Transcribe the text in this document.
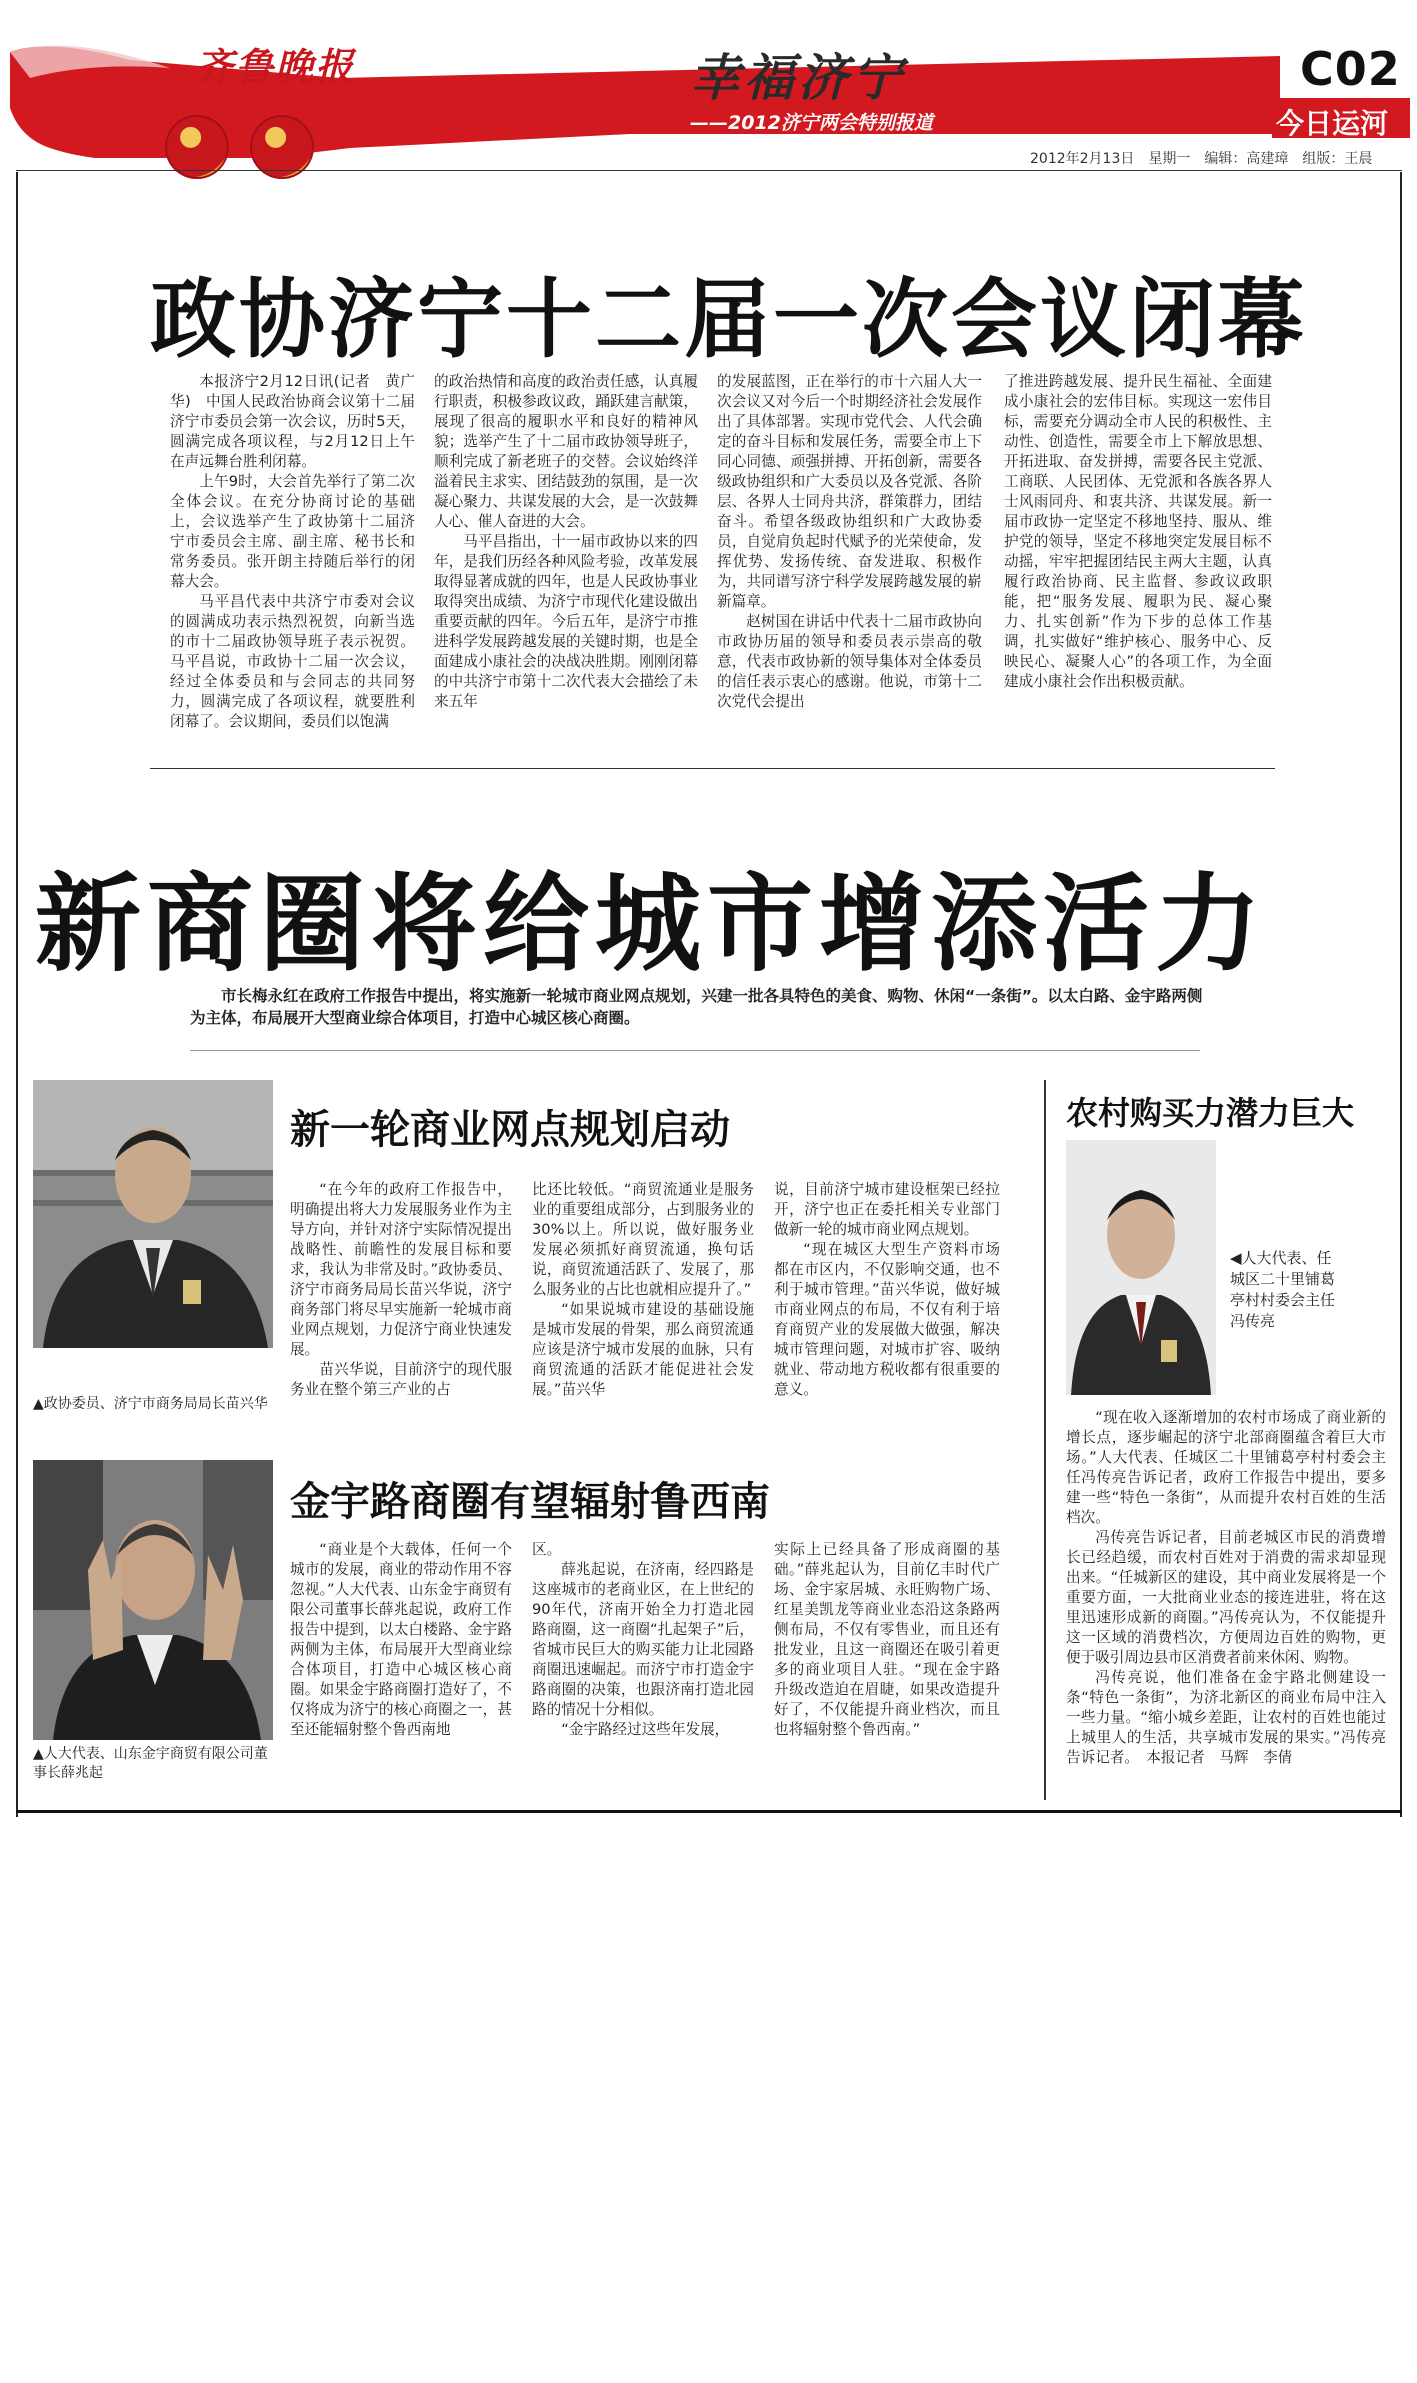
齐鲁晚报	幸福济宁
——2012济宁两会特别报道
C02
今日运河
2012年2月13日　星期一　编辑：高建璋　组版：王晨
政协济宁十二届一次会议闭幕

本报济宁2月12日讯(记者　黄广华)　中国人民政治协商会议第十二届济宁市委员会第一次会议，历时5天，圆满完成各项议程，与2月12日上午在声远舞台胜利闭幕。

上午9时，大会首先举行了第二次全体会议。在充分协商讨论的基础上，会议选举产生了政协第十二届济宁市委员会主席、副主席、秘书长和常务委员。张开朗主持随后举行的闭幕大会。

马平昌代表中共济宁市委对会议的圆满成功表示热烈祝贺，向新当选的市十二届政协领导班子表示祝贺。马平昌说，市政协十二届一次会议，经过全体委员和与会同志的共同努力，圆满完成了各项议程，就要胜利闭幕了。会议期间，委员们以饱满

的政治热情和高度的政治责任感，认真履行职责，积极参政议政，踊跃建言献策，展现了很高的履职水平和良好的精神风貌；选举产生了十二届市政协领导班子，顺利完成了新老班子的交替。会议始终洋溢着民主求实、团结鼓劲的氛围，是一次凝心聚力、共谋发展的大会，是一次鼓舞人心、催人奋进的大会。

马平昌指出，十一届市政协以来的四年，是我们历经各种风险考验，改革发展取得显著成就的四年，也是人民政协事业取得突出成绩、为济宁市现代化建设做出重要贡献的四年。今后五年，是济宁市推进科学发展跨越发展的关键时期，也是全面建成小康社会的决战决胜期。刚刚闭幕的中共济宁市第十二次代表大会描绘了未来五年

的发展蓝图，正在举行的市十六届人大一次会议又对今后一个时期经济社会发展作出了具体部署。实现市党代会、人代会确定的奋斗目标和发展任务，需要全市上下同心同德、顽强拼搏、开拓创新，需要各级政协组织和广大委员以及各党派、各阶层、各界人士同舟共济，群策群力，团结奋斗。希望各级政协组织和广大政协委员，自觉肩负起时代赋予的光荣使命，发挥优势、发扬传统、奋发进取、积极作为，共同谱写济宁科学发展跨越发展的崭新篇章。

赵树国在讲话中代表十二届市政协向市政协历届的领导和委员表示崇高的敬意，代表市政协新的领导集体对全体委员的信任表示衷心的感谢。他说，市第十二次党代会提出

了推进跨越发展、提升民生福祉、全面建成小康社会的宏伟目标。实现这一宏伟目标，需要充分调动全市人民的积极性、主动性、创造性，需要全市上下解放思想、开拓进取、奋发拼搏，需要各民主党派、工商联、人民团体、无党派和各族各界人士风雨同舟、和衷共济、共谋发展。新一届市政协一定坚定不移地坚持、服从、维护党的领导，坚定不移地突定发展目标不动摇，牢牢把握团结民主两大主题，认真履行政治协商、民主监督、参政议政职能，把“服务发展、履职为民、凝心聚力、扎实创新”作为下步的总体工作基调，扎实做好“维护核心、服务中心、反映民心、凝聚人心”的各项工作，为全面建成小康社会作出积极贡献。

新商圈将给城市增添活力

市长梅永红在政府工作报告中提出，将实施新一轮城市商业网点规划，兴建一批各具特色的美食、购物、休闲“一条街”。以太白路、金宇路两侧为主体，布局展开大型商业综合体项目，打造中心城区核心商圈。

新一轮商业网点规划启动
▲政协委员、济宁市商务局局长苗兴华

“在今年的政府工作报告中，明确提出将大力发展服务业作为主导方向，并针对济宁实际情况提出战略性、前瞻性的发展目标和要求，我认为非常及时。”政协委员、济宁市商务局局长苗兴华说，济宁商务部门将尽早实施新一轮城市商业网点规划，力促济宁商业快速发展。

苗兴华说，目前济宁的现代服务业在整个第三产业的占

比还比较低。“商贸流通业是服务业的重要组成部分，占到服务业的30%以上。所以说，做好服务业发展必须抓好商贸流通，换句话说，商贸流通活跃了、发展了，那么服务业的占比也就相应提升了。”

“如果说城市建设的基础设施是城市发展的骨架，那么商贸流通应该是济宁城市发展的血脉，只有商贸流通的活跃才能促进社会发展。”苗兴华

说，目前济宁城市建设框架已经拉开，济宁也正在委托相关专业部门做新一轮的城市商业网点规划。

“现在城区大型生产资料市场都在市区内，不仅影响交通，也不利于城市管理。”苗兴华说，做好城市商业网点的布局，不仅有利于培育商贸产业的发展做大做强，解决城市管理问题，对城市扩容、吸纳就业、带动地方税收都有很重要的意义。

金宇路商圈有望辐射鲁西南
▲人大代表、山东金宇商贸有限公司董事长薛兆起

“商业是个大载体，任何一个城市的发展，商业的带动作用不容忽视。”人大代表、山东金宇商贸有限公司董事长薛兆起说，政府工作报告中提到，以太白楼路、金宇路两侧为主体，布局展开大型商业综合体项目，打造中心城区核心商圈。如果金宇路商圈打造好了，不仅将成为济宁的核心商圈之一，甚至还能辐射整个鲁西南地

区。

薛兆起说，在济南，经四路是这座城市的老商业区，在上世纪的90年代，济南开始全力打造北园路商圈，这一商圈“扎起架子”后，省城市民巨大的购买能力让北园路商圈迅速崛起。而济宁市打造金宇路商圈的决策，也跟济南打造北园路的情况十分相似。

“金宇路经过这些年发展，

实际上已经具备了形成商圈的基础。”薛兆起认为，目前亿丰时代广场、金宇家居城、永旺购物广场、红星美凯龙等商业业态沿这条路两侧布局，不仅有零售业，而且还有批发业，且这一商圈还在吸引着更多的商业项目人驻。“现在金宇路升级改造迫在眉睫，如果改造提升好了，不仅能提升商业档次，而且也将辐射整个鲁西南。”

农村购买力潜力巨大
◀人大代表、任城区二十里铺葛亭村村委会主任冯传亮

“现在收入逐渐增加的农村市场成了商业新的增长点，逐步崛起的济宁北部商圈蕴含着巨大市场。”人大代表、任城区二十里铺葛亭村村委会主任冯传亮告诉记者，政府工作报告中提出，要多建一些“特色一条街”，从而提升农村百姓的生活档次。

冯传亮告诉记者，目前老城区市民的消费增长已经趋缓，而农村百姓对于消费的需求却显现出来。“任城新区的建设，其中商业发展将是一个重要方面，一大批商业业态的接连进驻，将在这里迅速形成新的商圈。”冯传亮认为，不仅能提升这一区域的消费档次，方便周边百姓的购物，更便于吸引周边县市区消费者前来休闲、购物。

冯传亮说，他们准备在金宇路北侧建设一条“特色一条街”，为济北新区的商业布局中注入一些力量。“缩小城乡差距，让农村的百姓也能过上城里人的生活，共享城市发展的果实。”冯传亮告诉记者。　本报记者　马辉　李倩
